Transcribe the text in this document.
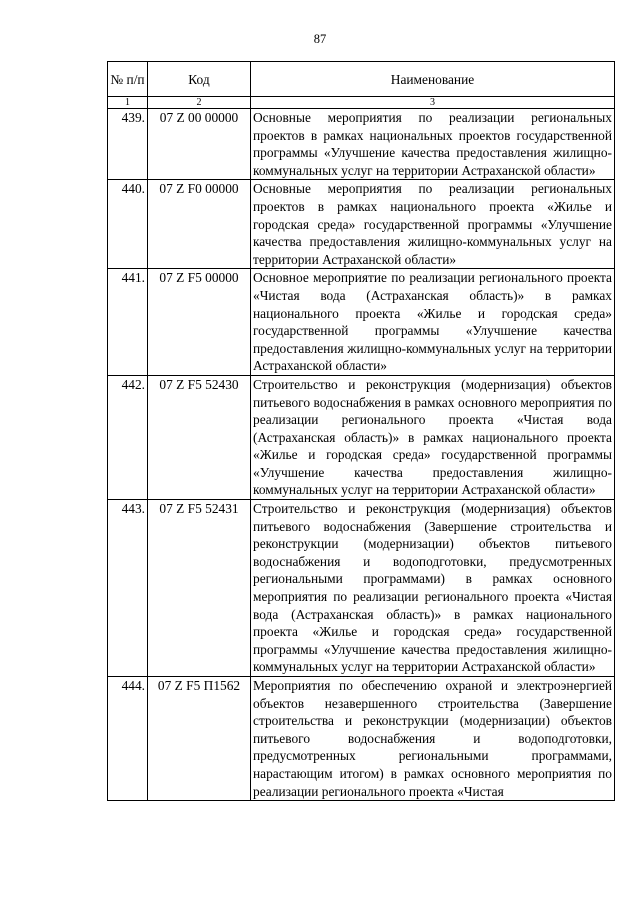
87
№ п/п	Код	Наименование
1	2	3
439.	07 Z 00 00000	Основные мероприятия по реализации региональных проектов в рамках национальных проектов государственной программы «Улучшение качества предоставления жилищно-коммунальных услуг на территории Астраханской области»
440.	07 Z F0 00000	Основные мероприятия по реализации региональных проектов в рамках национального проекта «Жилье и городская среда» государственной программы «Улучшение качества предоставления жилищно-коммунальных услуг на территории Астраханской области»
441.	07 Z F5 00000	Основное мероприятие по реализации регионального проекта «Чистая вода (Астраханская область)» в рамках национального проекта «Жилье и городская среда» государственной программы «Улучшение качества предоставления жилищно-коммунальных услуг на территории Астраханской области»
442.	07 Z F5 52430	Строительство и реконструкция (модернизация) объектов питьевого водоснабжения в рамках основного мероприятия по реализации регионального проекта «Чистая вода (Астраханская область)» в рамках национального проекта «Жилье и городская среда» государственной программы «Улучшение качества предоставления жилищно-коммунальных услуг на территории Астраханской области»
443.	07 Z F5 52431	Строительство и реконструкция (модернизация) объектов питьевого водоснабжения (Завершение строительства и реконструкции (модернизации) объектов питьевого водоснабжения и водоподготовки, предусмотренных региональными программами) в рамках основного мероприятия по реализации регионального проекта «Чистая вода (Астраханская область)» в рамках национального проекта «Жилье и городская среда» государственной программы «Улучшение качества предоставления жилищно-коммунальных услуг на территории Астраханской области»
444.	07 Z F5 П1562	Мероприятия по обеспечению охраной и электроэнергией объектов незавершенного строительства (Завершение строительства и реконструкции (модернизации) объектов питьевого водоснабжения и водоподготовки, предусмотренных региональными программами, нарастающим итогом) в рамках основного мероприятия по реализации регионального проекта «Чистая
